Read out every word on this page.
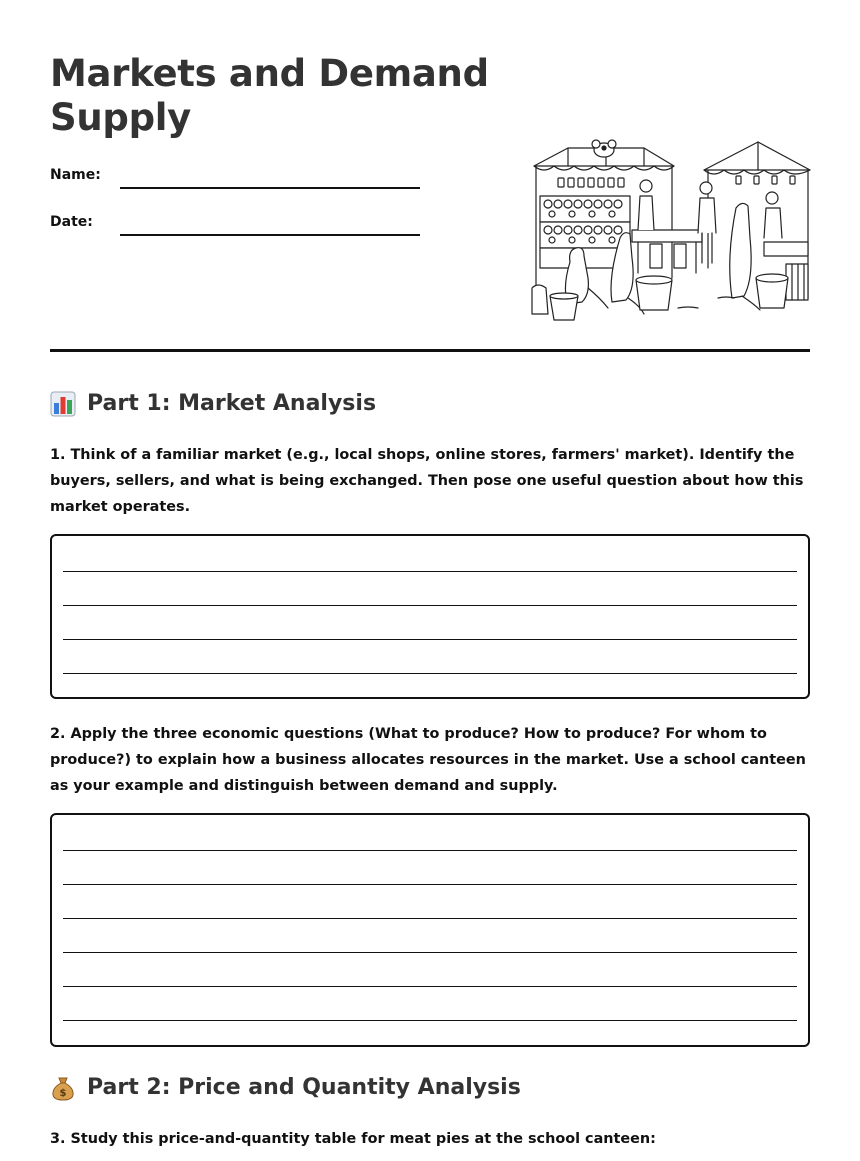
Markets and Demand Supply
Name:
Date:
Part 1: Market Analysis

1. Think of a familiar market (e.g., local shops, online stores, farmers' market). Identify the buyers, sellers, and what is being exchanged. Then pose one useful question about how this market operates.

2. Apply the three economic questions (What to produce? How to produce? For whom to produce?) to explain how a business allocates resources in the market. Use a school canteen as your example and distinguish between demand and supply.

$ Part 2: Price and Quantity Analysis

3. Study this price-and-quantity table for meat pies at the school canteen:
